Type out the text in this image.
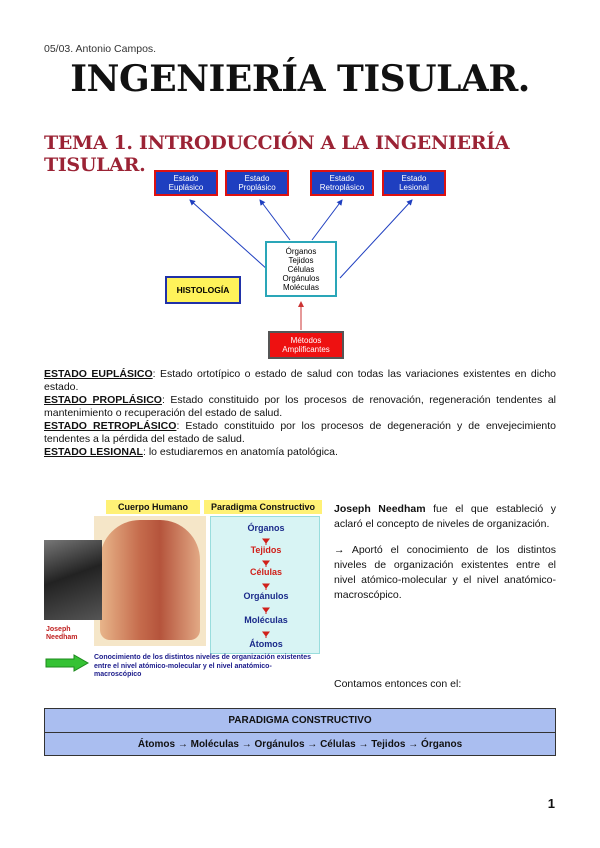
05/03. Antonio Campos.
INGENIERÍA TISULAR.
TEMA 1. INTRODUCCIÓN A LA INGENIERÍA TISULAR.
Estado
Euplásico
Estado
Proplásico
Estado
Retroplásico
Estado
Lesional
Órganos
Tejidos
Células
Orgánulos
Moléculas
HISTOLOGÍA
Métodos
Amplificantes

ESTADO EUPLÁSICO: Estado ortotípico o estado de salud con todas las variaciones existentes en dicho estado.

ESTADO PROPLÁSICO: Estado constituido por los procesos de renovación, regeneración tendentes al mantenimiento o recuperación del estado de salud.

ESTADO RETROPLÁSICO: Estado constituido por los procesos de degeneración y de envejecimiento tendentes a la pérdida del estado de salud.

ESTADO LESIONAL: lo estudiaremos en anatomía patológica.

Cuerpo Humano	Paradigma Constructivo
Joseph
Needham
Órganos
Tejidos
Células
Orgánulos
Moléculas
Átomos
Conocimiento de los distintos niveles de organización existentes entre el nivel atómico-molecular y el nivel anatómico-macroscópico

Joseph Needham fue el que estableció y aclaró el concepto de niveles de organización.

→ Aportó el conocimiento de los distintos niveles de organización existentes entre el nivel atómico-molecular y el nivel anatómico-macroscópico.

Contamos entonces con el:
PARADIGMA CONSTRUCTIVO
Átomos → Moléculas → Orgánulos → Células → Tejidos → Órganos
1
